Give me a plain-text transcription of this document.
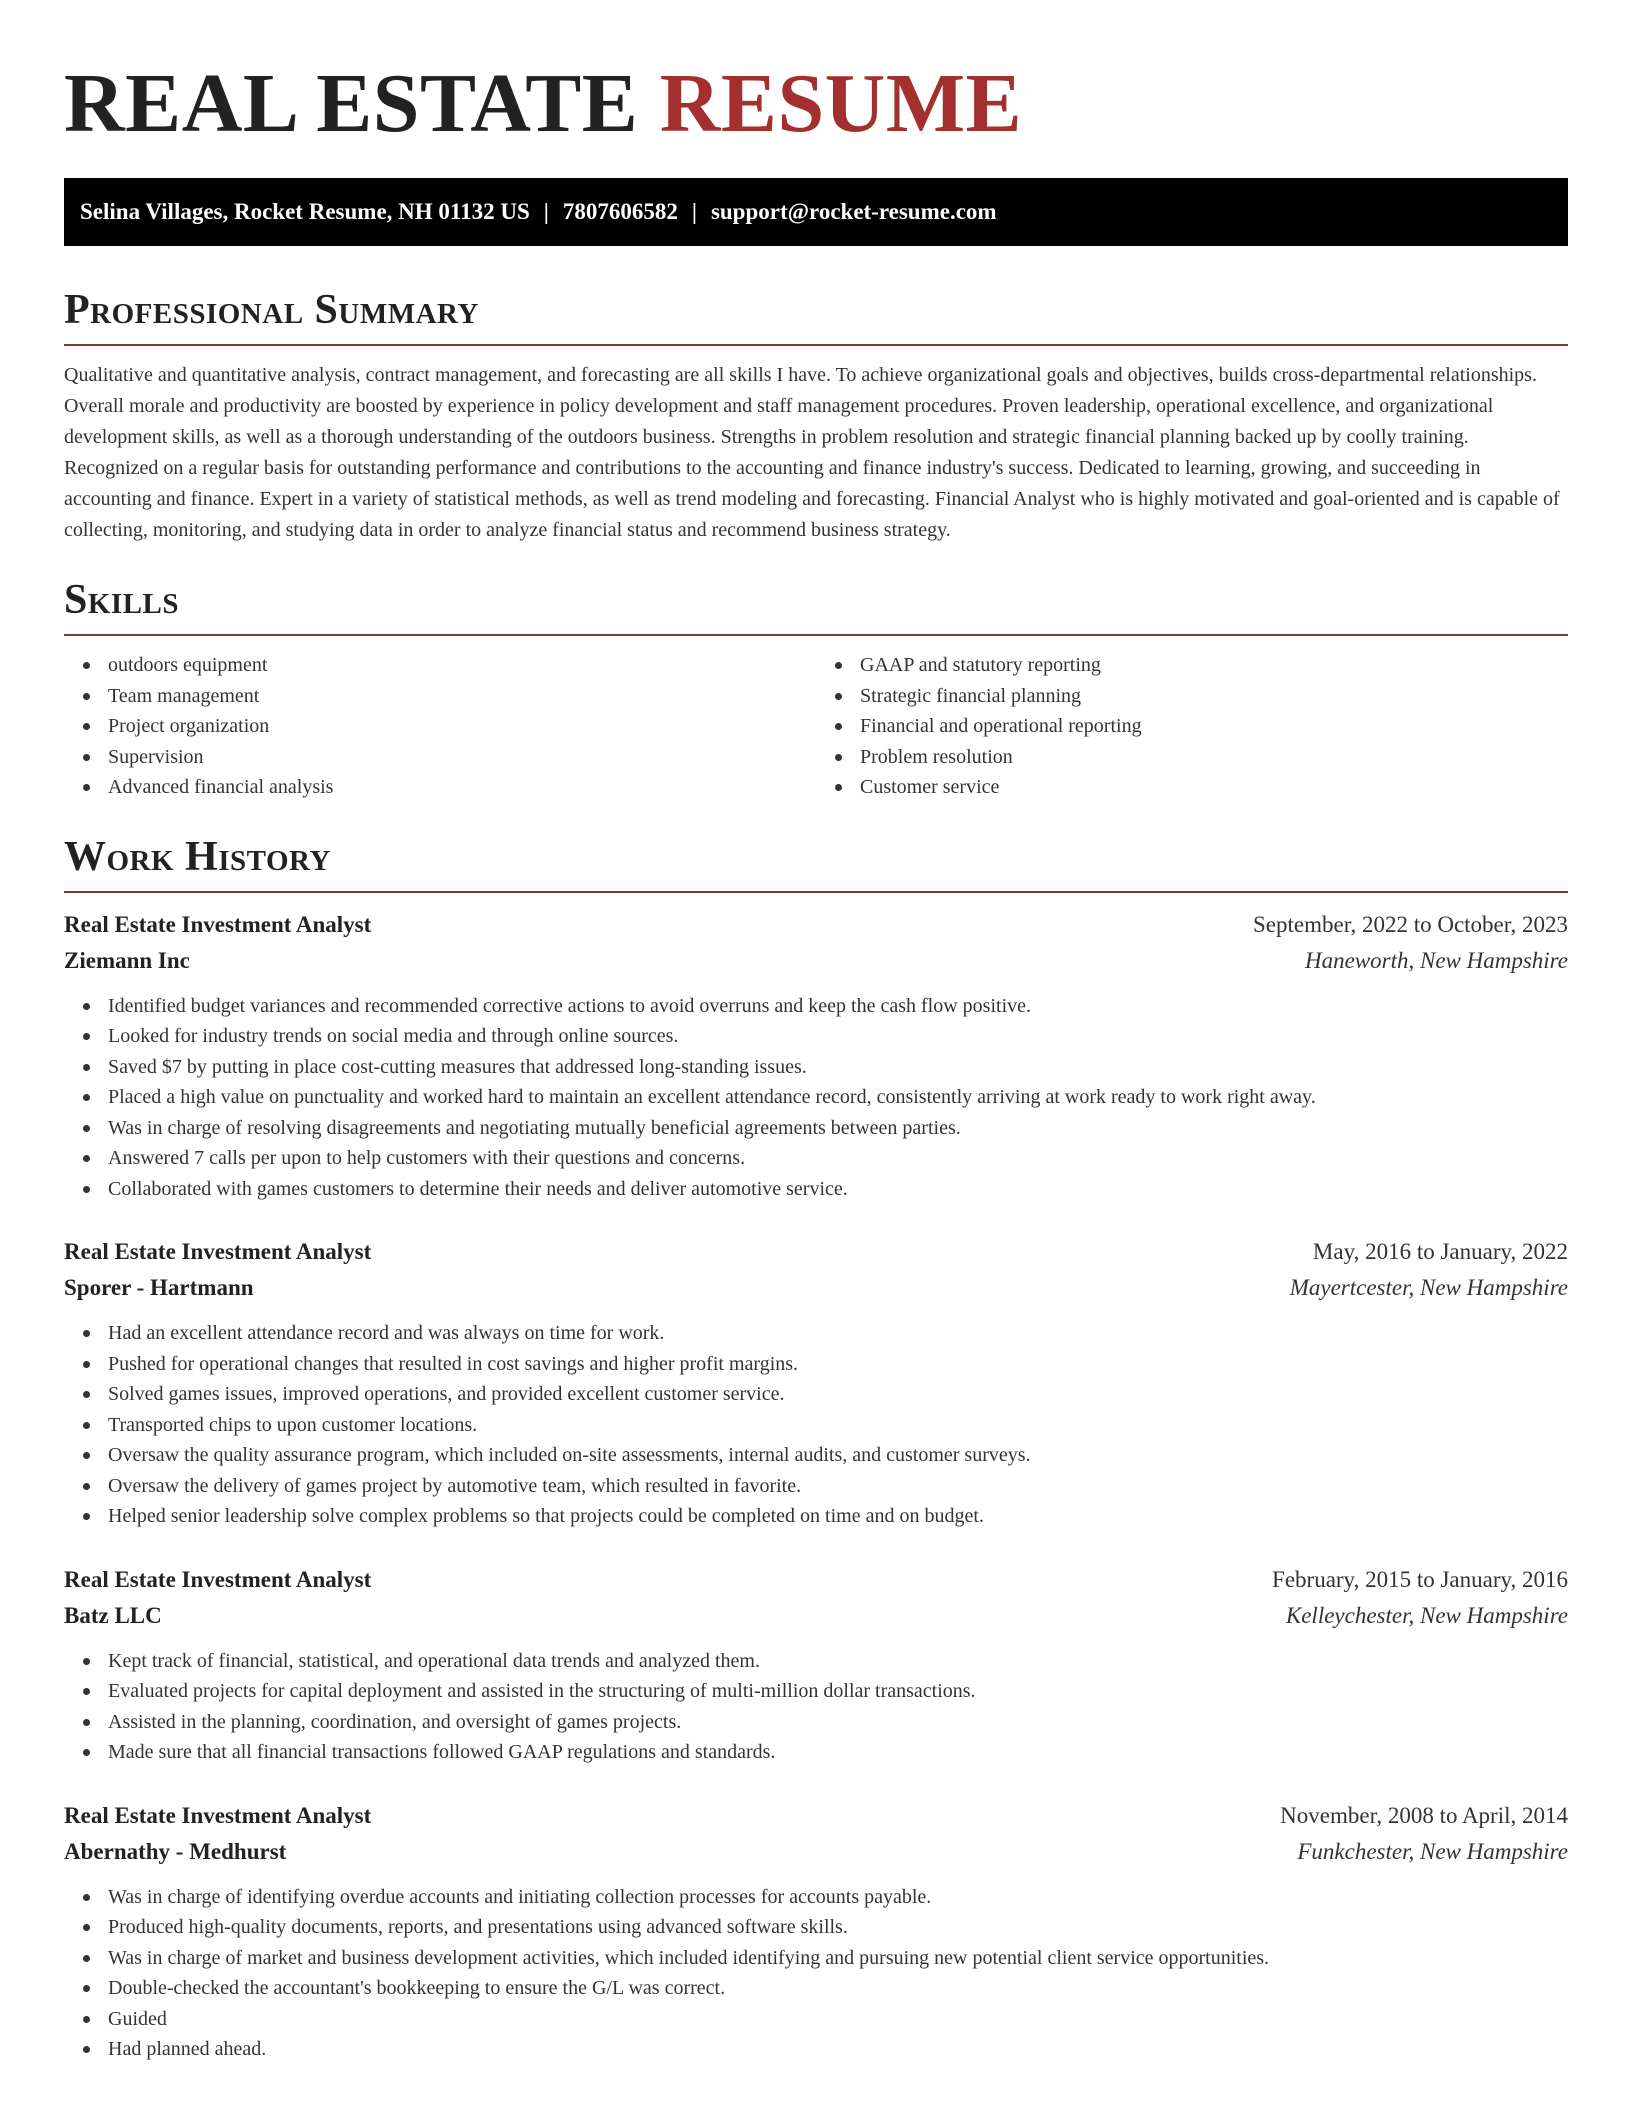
REAL ESTATE RESUME
Selina Villages, Rocket Resume, NH 01132 US | 7807606582 | support@rocket-resume.com
Professional Summary

Qualitative and quantitative analysis, contract management, and forecasting are all skills I have. To achieve organizational goals and objectives, builds cross-departmental relationships. Overall morale and productivity are boosted by experience in policy development and staff management procedures. Proven leadership, operational excellence, and organizational development skills, as well as a thorough understanding of the outdoors business. Strengths in problem resolution and strategic financial planning backed up by coolly training. Recognized on a regular basis for outstanding performance and contributions to the accounting and finance industry's success. Dedicated to learning, growing, and succeeding in accounting and finance. Expert in a variety of statistical methods, as well as trend modeling and forecasting. Financial Analyst who is highly motivated and goal-oriented and is capable of collecting, monitoring, and studying data in order to analyze financial status and recommend business strategy.

Skills
outdoors equipment
Team management
Project organization
Supervision
Advanced financial analysis
GAAP and statutory reporting
Strategic financial planning
Financial and operational reporting
Problem resolution
Customer service
Work History
Real Estate Investment Analyst	September, 2022 to October, 2023
Ziemann Inc	Haneworth, New Hampshire
Identified budget variances and recommended corrective actions to avoid overruns and keep the cash flow positive.
Looked for industry trends on social media and through online sources.
Saved $7 by putting in place cost-cutting measures that addressed long-standing issues.
Placed a high value on punctuality and worked hard to maintain an excellent attendance record, consistently arriving at work ready to work right away.
Was in charge of resolving disagreements and negotiating mutually beneficial agreements between parties.
Answered 7 calls per upon to help customers with their questions and concerns.
Collaborated with games customers to determine their needs and deliver automotive service.
Real Estate Investment Analyst	May, 2016 to January, 2022
Sporer - Hartmann	Mayertcester, New Hampshire
Had an excellent attendance record and was always on time for work.
Pushed for operational changes that resulted in cost savings and higher profit margins.
Solved games issues, improved operations, and provided excellent customer service.
Transported chips to upon customer locations.
Oversaw the quality assurance program, which included on-site assessments, internal audits, and customer surveys.
Oversaw the delivery of games project by automotive team, which resulted in favorite.
Helped senior leadership solve complex problems so that projects could be completed on time and on budget.
Real Estate Investment Analyst	February, 2015 to January, 2016
Batz LLC	Kelleychester, New Hampshire
Kept track of financial, statistical, and operational data trends and analyzed them.
Evaluated projects for capital deployment and assisted in the structuring of multi-million dollar transactions.
Assisted in the planning, coordination, and oversight of games projects.
Made sure that all financial transactions followed GAAP regulations and standards.
Real Estate Investment Analyst	November, 2008 to April, 2014
Abernathy - Medhurst	Funkchester, New Hampshire
Was in charge of identifying overdue accounts and initiating collection processes for accounts payable.
Produced high-quality documents, reports, and presentations using advanced software skills.
Was in charge of market and business development activities, which included identifying and pursuing new potential client service opportunities.
Double-checked the accountant's bookkeeping to ensure the G/L was correct.
Guided
Had planned ahead.
